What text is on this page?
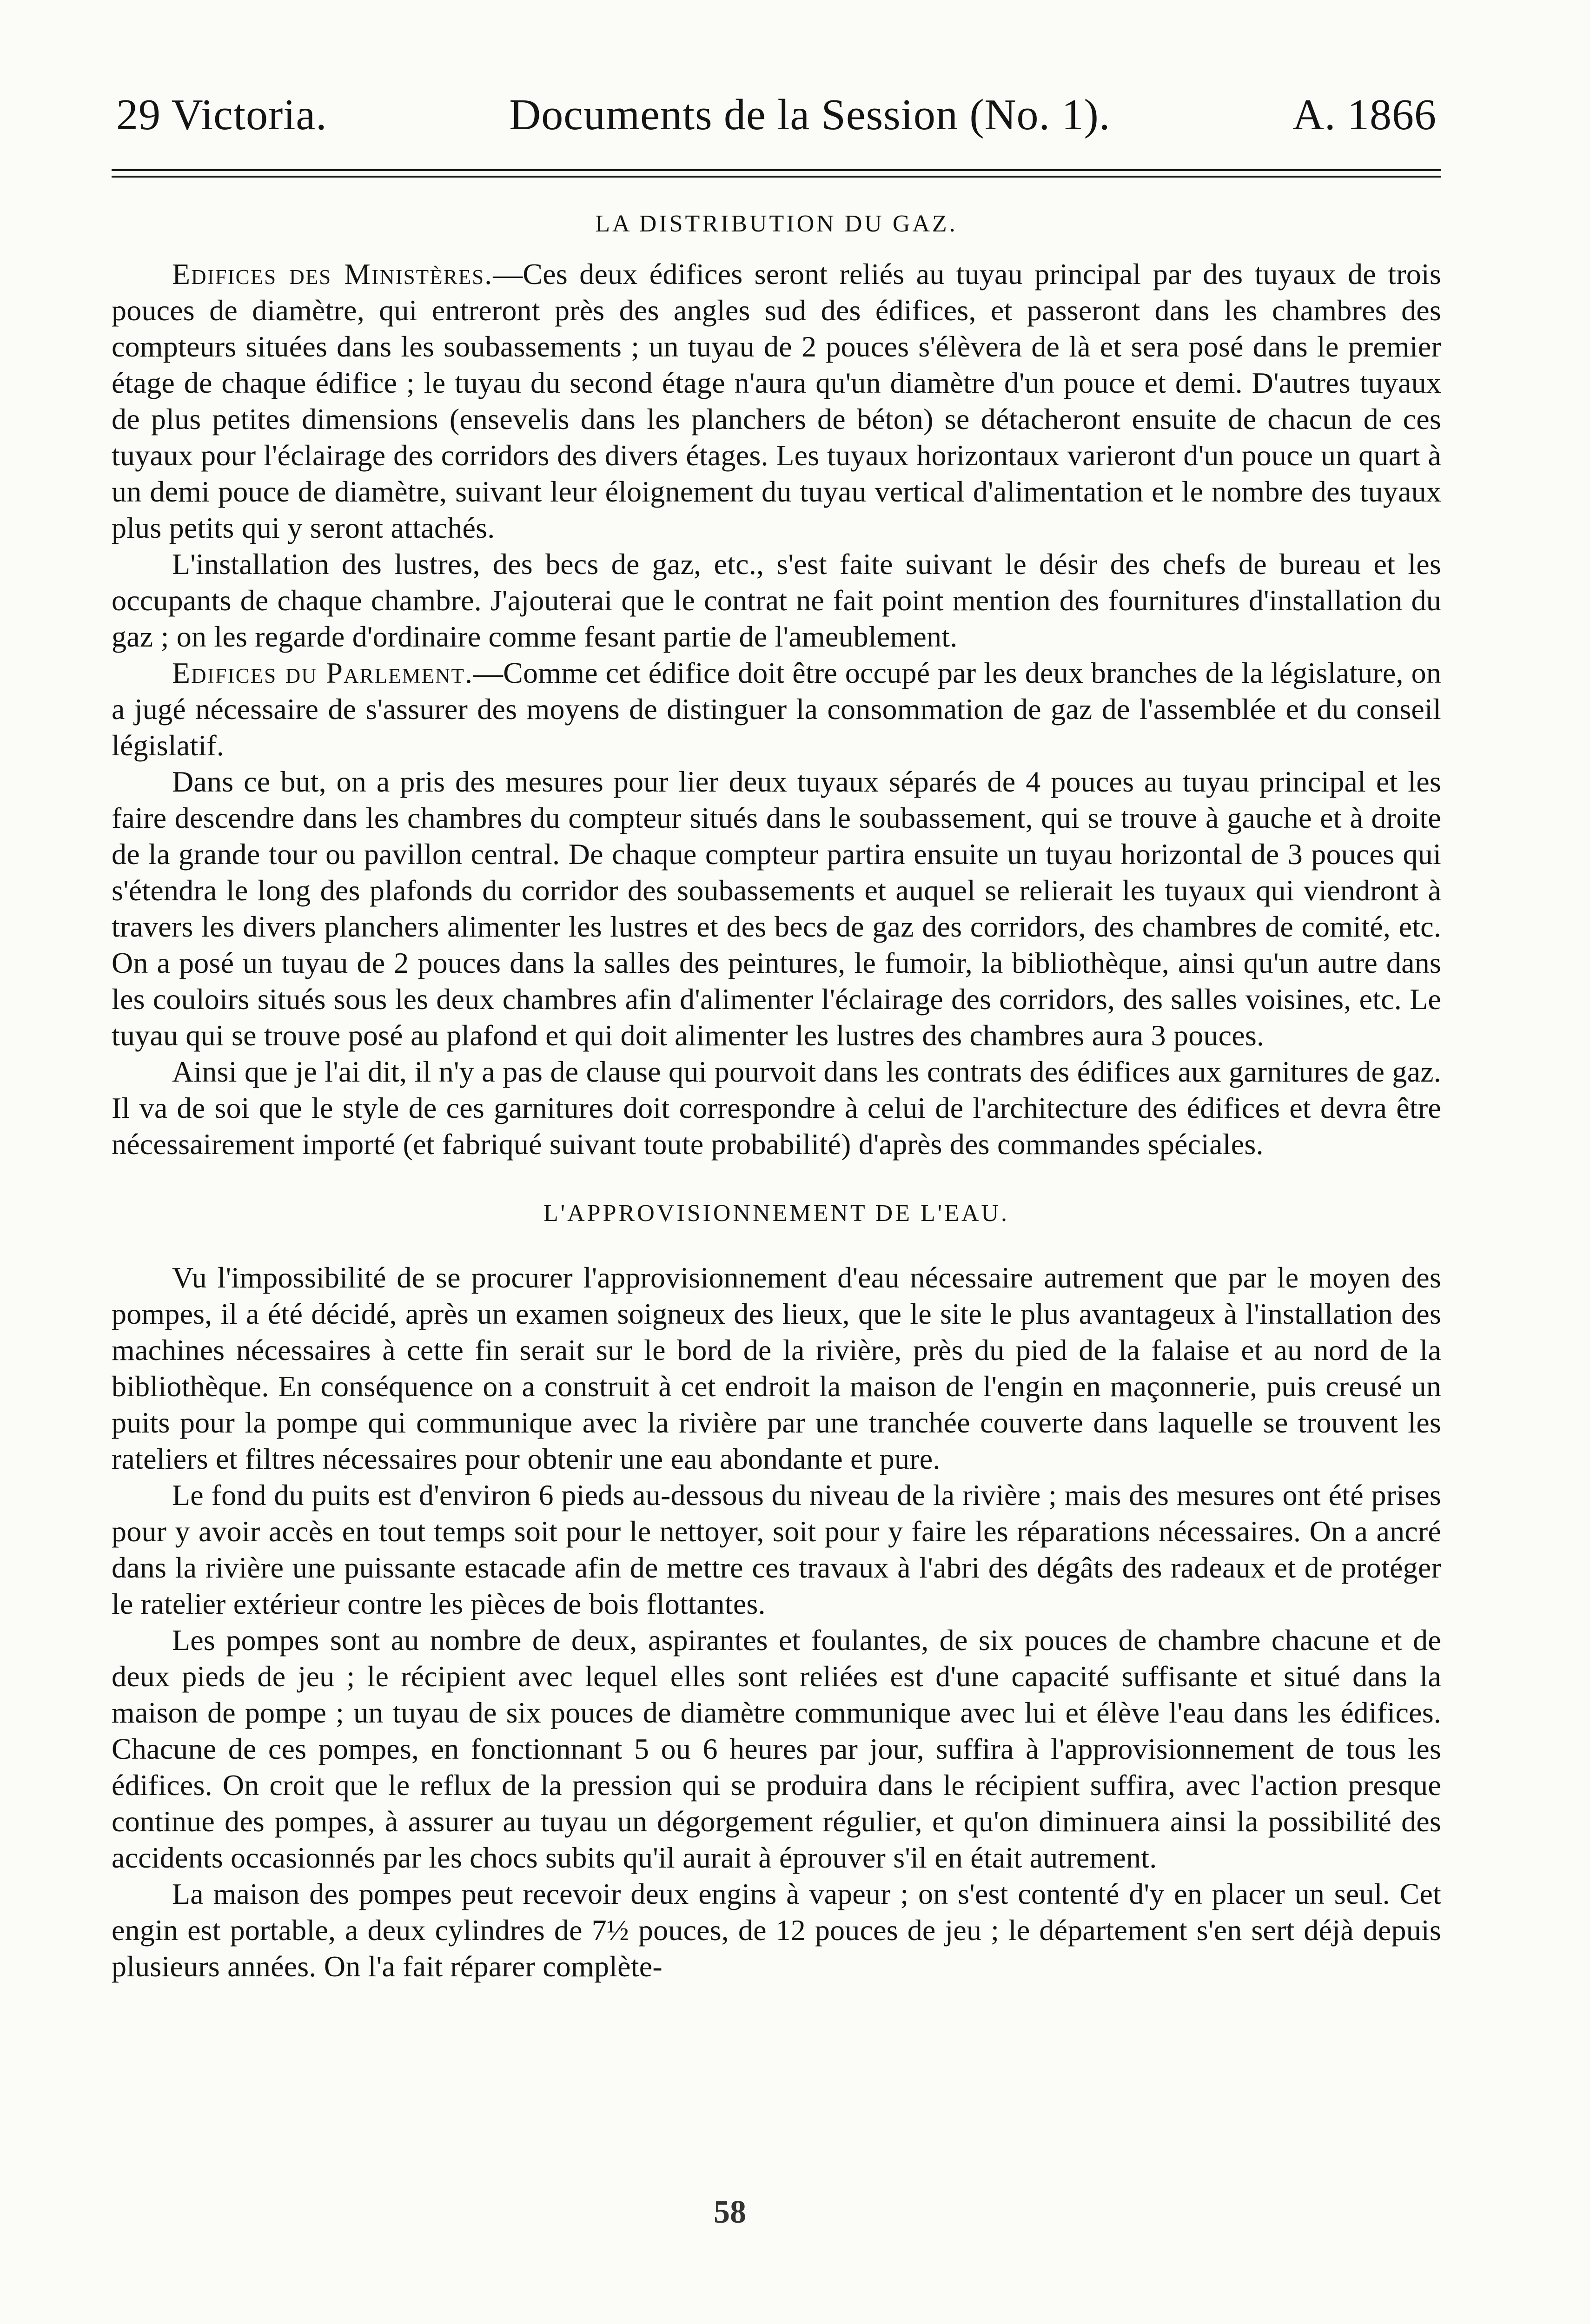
29 Victoria.	Documents de la Session (No. 1).	A. 1866
LA DISTRIBUTION DU GAZ.

Edifices des Ministères.—Ces deux édifices seront reliés au tuyau principal par des tuyaux de trois pouces de diamètre, qui entreront près des angles sud des édifices, et passeront dans les chambres des compteurs situées dans les soubassements ; un tuyau de 2 pouces s'élèvera de là et sera posé dans le premier étage de chaque édifice ; le tuyau du second étage n'aura qu'un diamètre d'un pouce et demi. D'autres tuyaux de plus petites dimensions (ensevelis dans les planchers de béton) se détacheront ensuite de chacun de ces tuyaux pour l'éclairage des corridors des divers étages. Les tuyaux horizontaux varieront d'un pouce un quart à un demi pouce de diamètre, suivant leur éloignement du tuyau vertical d'alimentation et le nombre des tuyaux plus petits qui y seront attachés.

L'installation des lustres, des becs de gaz, etc., s'est faite suivant le désir des chefs de bureau et les occupants de chaque chambre. J'ajouterai que le contrat ne fait point mention des fournitures d'installation du gaz ; on les regarde d'ordinaire comme fesant partie de l'ameublement.

Edifices du Parlement.—Comme cet édifice doit être occupé par les deux branches de la législature, on a jugé nécessaire de s'assurer des moyens de distinguer la consommation de gaz de l'assemblée et du conseil législatif.

Dans ce but, on a pris des mesures pour lier deux tuyaux séparés de 4 pouces au tuyau principal et les faire descendre dans les chambres du compteur situés dans le soubassement, qui se trouve à gauche et à droite de la grande tour ou pavillon central. De chaque compteur partira ensuite un tuyau horizontal de 3 pouces qui s'étendra le long des plafonds du corridor des soubassements et auquel se relierait les tuyaux qui viendront à travers les divers planchers alimenter les lustres et des becs de gaz des corridors, des chambres de comité, etc. On a posé un tuyau de 2 pouces dans la salles des peintures, le fumoir, la bibliothèque, ainsi qu'un autre dans les couloirs situés sous les deux chambres afin d'alimenter l'éclairage des corridors, des salles voisines, etc. Le tuyau qui se trouve posé au plafond et qui doit alimenter les lustres des chambres aura 3 pouces.

Ainsi que je l'ai dit, il n'y a pas de clause qui pourvoit dans les contrats des édifices aux garnitures de gaz. Il va de soi que le style de ces garnitures doit correspondre à celui de l'architecture des édifices et devra être nécessairement importé (et fabriqué suivant toute probabilité) d'après des commandes spéciales.

L'APPROVISIONNEMENT DE L'EAU.

Vu l'impossibilité de se procurer l'approvisionnement d'eau nécessaire autrement que par le moyen des pompes, il a été décidé, après un examen soigneux des lieux, que le site le plus avantageux à l'installation des machines nécessaires à cette fin serait sur le bord de la rivière, près du pied de la falaise et au nord de la bibliothèque. En conséquence on a construit à cet endroit la maison de l'engin en maçonnerie, puis creusé un puits pour la pompe qui communique avec la rivière par une tranchée couverte dans laquelle se trouvent les rateliers et filtres nécessaires pour obtenir une eau abondante et pure.

Le fond du puits est d'environ 6 pieds au-dessous du niveau de la rivière ; mais des mesures ont été prises pour y avoir accès en tout temps soit pour le nettoyer, soit pour y faire les réparations nécessaires. On a ancré dans la rivière une puissante estacade afin de mettre ces travaux à l'abri des dégâts des radeaux et de protéger le ratelier extérieur contre les pièces de bois flottantes.

Les pompes sont au nombre de deux, aspirantes et foulantes, de six pouces de chambre chacune et de deux pieds de jeu ; le récipient avec lequel elles sont reliées est d'une capacité suffisante et situé dans la maison de pompe ; un tuyau de six pouces de diamètre communique avec lui et élève l'eau dans les édifices. Chacune de ces pompes, en fonctionnant 5 ou 6 heures par jour, suffira à l'approvisionnement de tous les édifices. On croit que le reflux de la pression qui se produira dans le récipient suffira, avec l'action presque continue des pompes, à assurer au tuyau un dégorgement régulier, et qu'on diminuera ainsi la possibilité des accidents occasionnés par les chocs subits qu'il aurait à éprouver s'il en était autrement.

La maison des pompes peut recevoir deux engins à vapeur ; on s'est contenté d'y en placer un seul. Cet engin est portable, a deux cylindres de 7½ pouces, de 12 pouces de jeu ; le département s'en sert déjà depuis plusieurs années. On l'a fait réparer complète-

58
